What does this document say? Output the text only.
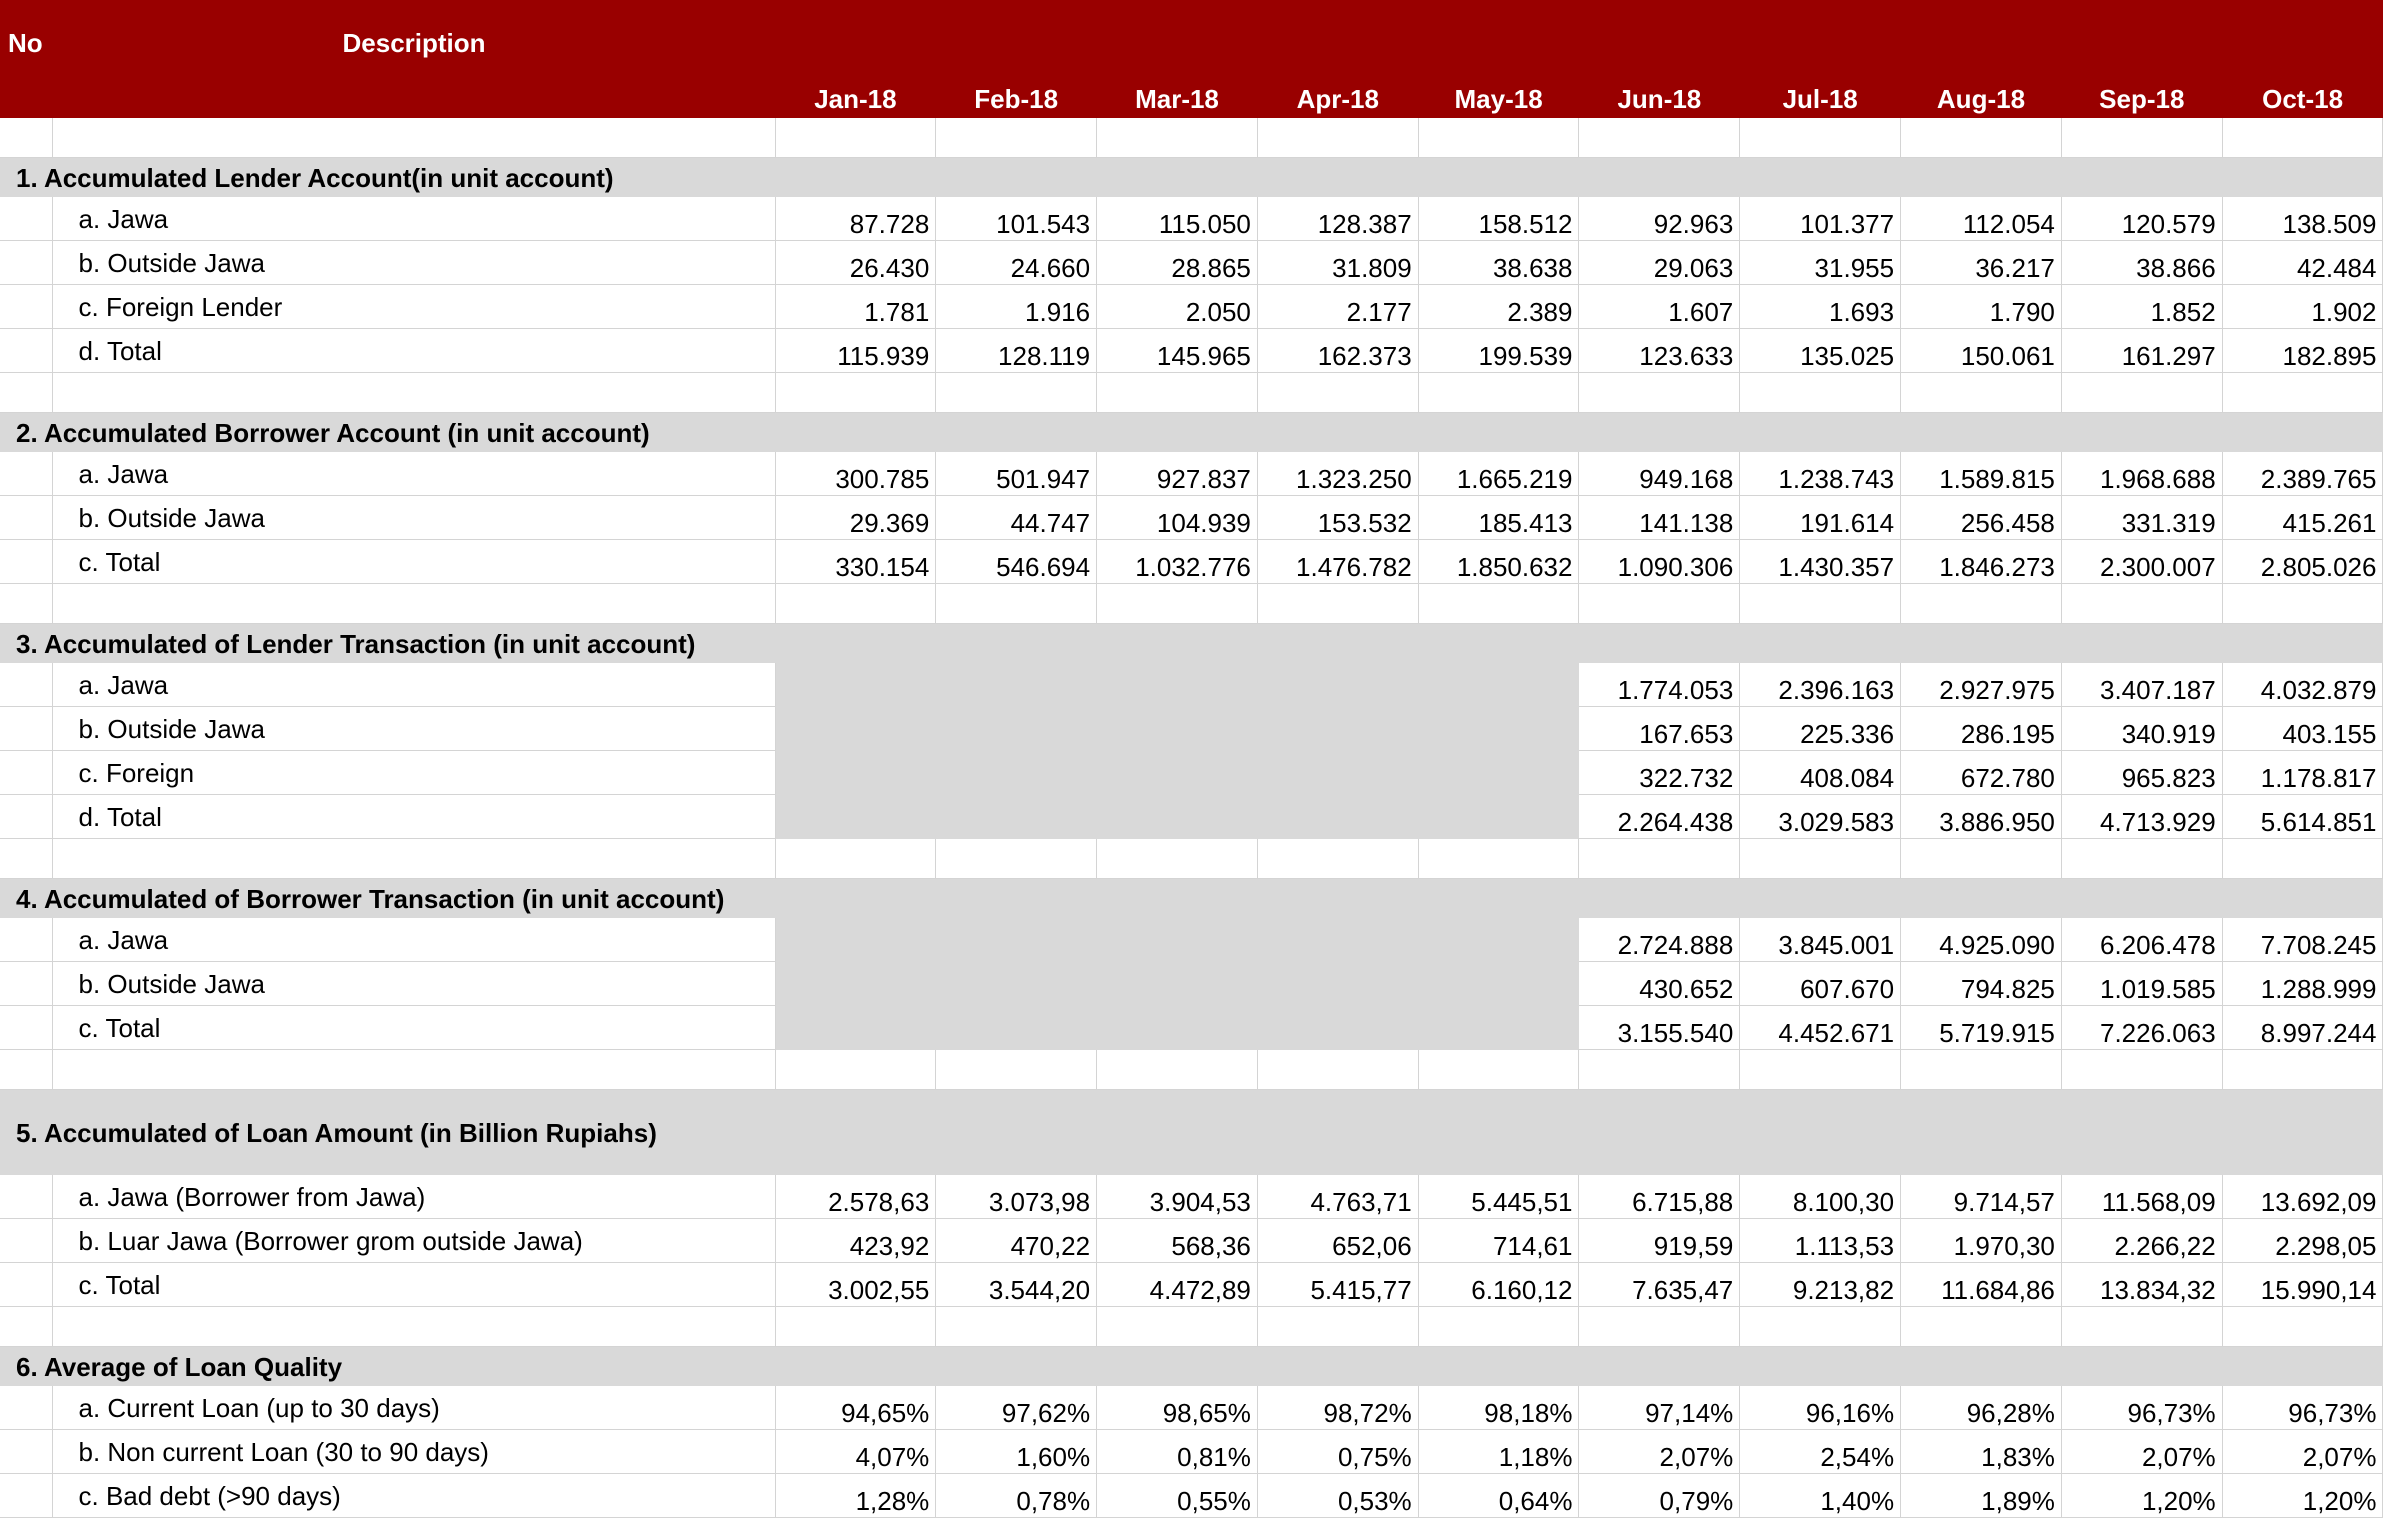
No	Description	Jan-18	Feb-18	Mar-18	Apr-18	May-18	Jun-18	Jul-18	Aug-18	Sep-18	Oct-18

1. Accumulated Lender Account(in unit account)											
	a. Jawa	87.728	101.543	115.050	128.387	158.512	92.963	101.377	112.054	120.579	138.509
	b. Outside Jawa	26.430	24.660	28.865	31.809	38.638	29.063	31.955	36.217	38.866	42.484
	c. Foreign Lender	1.781	1.916	2.050	2.177	2.389	1.607	1.693	1.790	1.852	1.902
	d. Total	115.939	128.119	145.965	162.373	199.539	123.633	135.025	150.061	161.297	182.895

2. Accumulated Borrower Account (in unit account)											
	a. Jawa	300.785	501.947	927.837	1.323.250	1.665.219	949.168	1.238.743	1.589.815	1.968.688	2.389.765
	b. Outside Jawa	29.369	44.747	104.939	153.532	185.413	141.138	191.614	256.458	331.319	415.261
	c. Total	330.154	546.694	1.032.776	1.476.782	1.850.632	1.090.306	1.430.357	1.846.273	2.300.007	2.805.026

3. Accumulated of Lender Transaction (in unit account)											
	a. Jawa						1.774.053	2.396.163	2.927.975	3.407.187	4.032.879
	b. Outside Jawa						167.653	225.336	286.195	340.919	403.155
	c. Foreign						322.732	408.084	672.780	965.823	1.178.817
	d. Total						2.264.438	3.029.583	3.886.950	4.713.929	5.614.851

4. Accumulated of Borrower Transaction (in unit account)											
	a. Jawa						2.724.888	3.845.001	4.925.090	6.206.478	7.708.245
	b. Outside Jawa						430.652	607.670	794.825	1.019.585	1.288.999
	c. Total						3.155.540	4.452.671	5.719.915	7.226.063	8.997.244

5. Accumulated of Loan Amount (in Billion Rupiahs)											
	a. Jawa (Borrower from Jawa)	2.578,63	3.073,98	3.904,53	4.763,71	5.445,51	6.715,88	8.100,30	9.714,57	11.568,09	13.692,09
	b. Luar Jawa (Borrower grom outside Jawa)	423,92	470,22	568,36	652,06	714,61	919,59	1.113,53	1.970,30	2.266,22	2.298,05
	c. Total	3.002,55	3.544,20	4.472,89	5.415,77	6.160,12	7.635,47	9.213,82	11.684,86	13.834,32	15.990,14

6. Average of Loan Quality											
	a. Current Loan (up to 30 days)	94,65%	97,62%	98,65%	98,72%	98,18%	97,14%	96,16%	96,28%	96,73%	96,73%
	b. Non current Loan (30 to 90 days)	4,07%	1,60%	0,81%	0,75%	1,18%	2,07%	2,54%	1,83%	2,07%	2,07%
	c. Bad debt (>90 days)	1,28%	0,78%	0,55%	0,53%	0,64%	0,79%	1,40%	1,89%	1,20%	1,20%
